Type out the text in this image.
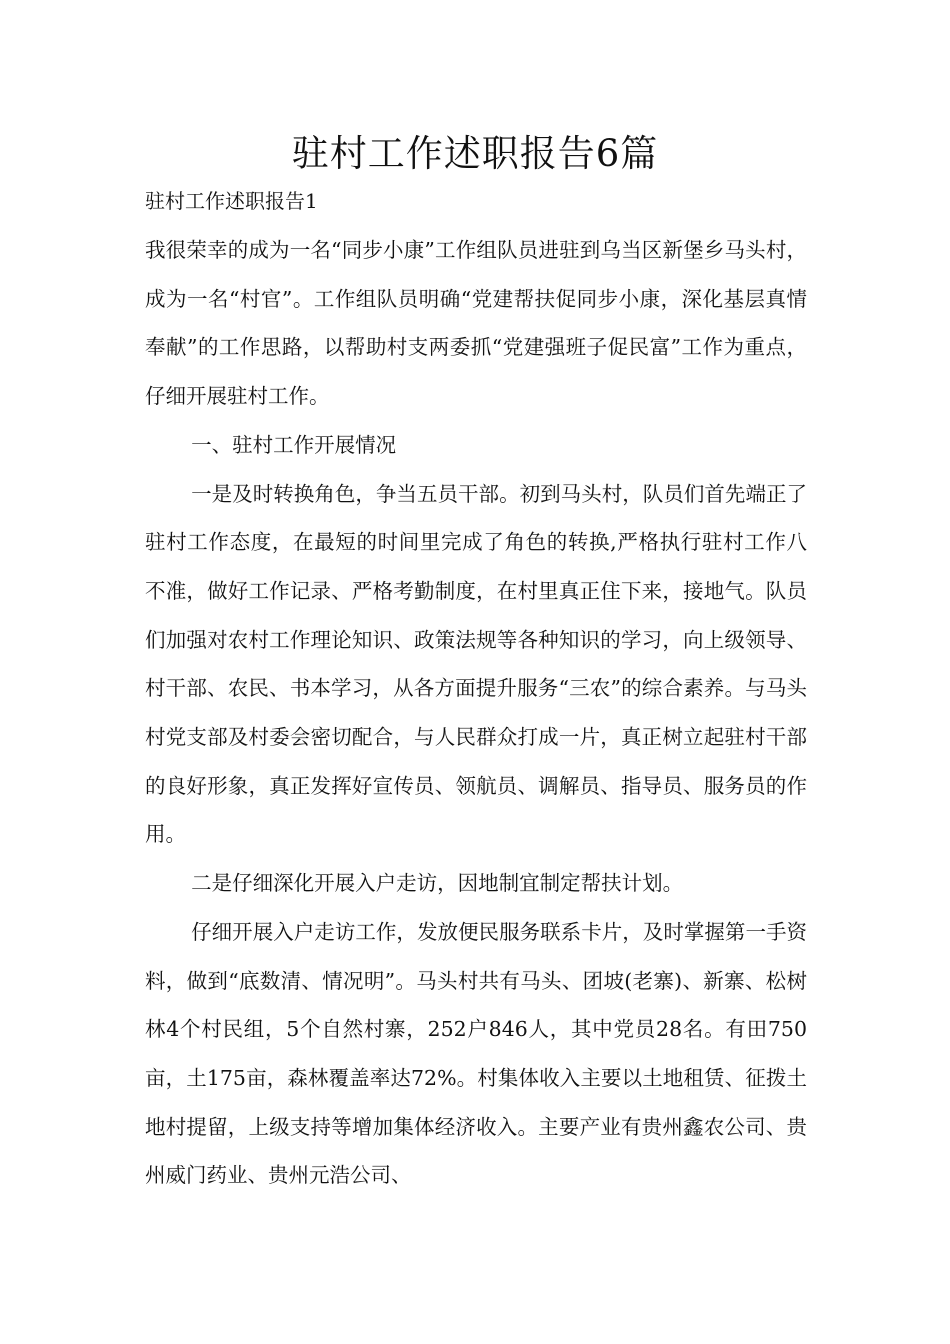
驻村工作述职报告6篇
驻村工作述职报告1

我很荣幸的成为一名“同步小康”工作组队员进驻到乌当区新堡乡马头村，成为一名“村官”。工作组队员明确“党建帮扶促同步小康，深化基层真情奉献”的工作思路，以帮助村支两委抓“党建强班子促民富”工作为重点，仔细开展驻村工作。

一、驻村工作开展情况

一是及时转换角色，争当五员干部。初到马头村，队员们首先端正了驻村工作态度，在最短的时间里完成了角色的转换,严格执行驻村工作八不准，做好工作记录、严格考勤制度，在村里真正住下来，接地气。队员们加强对农村工作理论知识、政策法规等各种知识的学习，向上级领导、村干部、农民、书本学习，从各方面提升服务“三农”的综合素养。与马头村党支部及村委会密切配合，与人民群众打成一片，真正树立起驻村干部的良好形象，真正发挥好宣传员、领航员、调解员、指导员、服务员的作用。

二是仔细深化开展入户走访，因地制宜制定帮扶计划。

仔细开展入户走访工作，发放便民服务联系卡片，及时掌握第一手资料，做到“底数清、情况明”。马头村共有马头、团坡(老寨)、新寨、松树林4个村民组，5个自然村寨，252户846人，其中党员28名。有田750亩，土175亩，森林覆盖率达72%。村集体收入主要以土地租赁、征拨土地村提留，上级支持等增加集体经济收入。主要产业有贵州鑫农公司、贵州威门药业、贵州元浩公司、
